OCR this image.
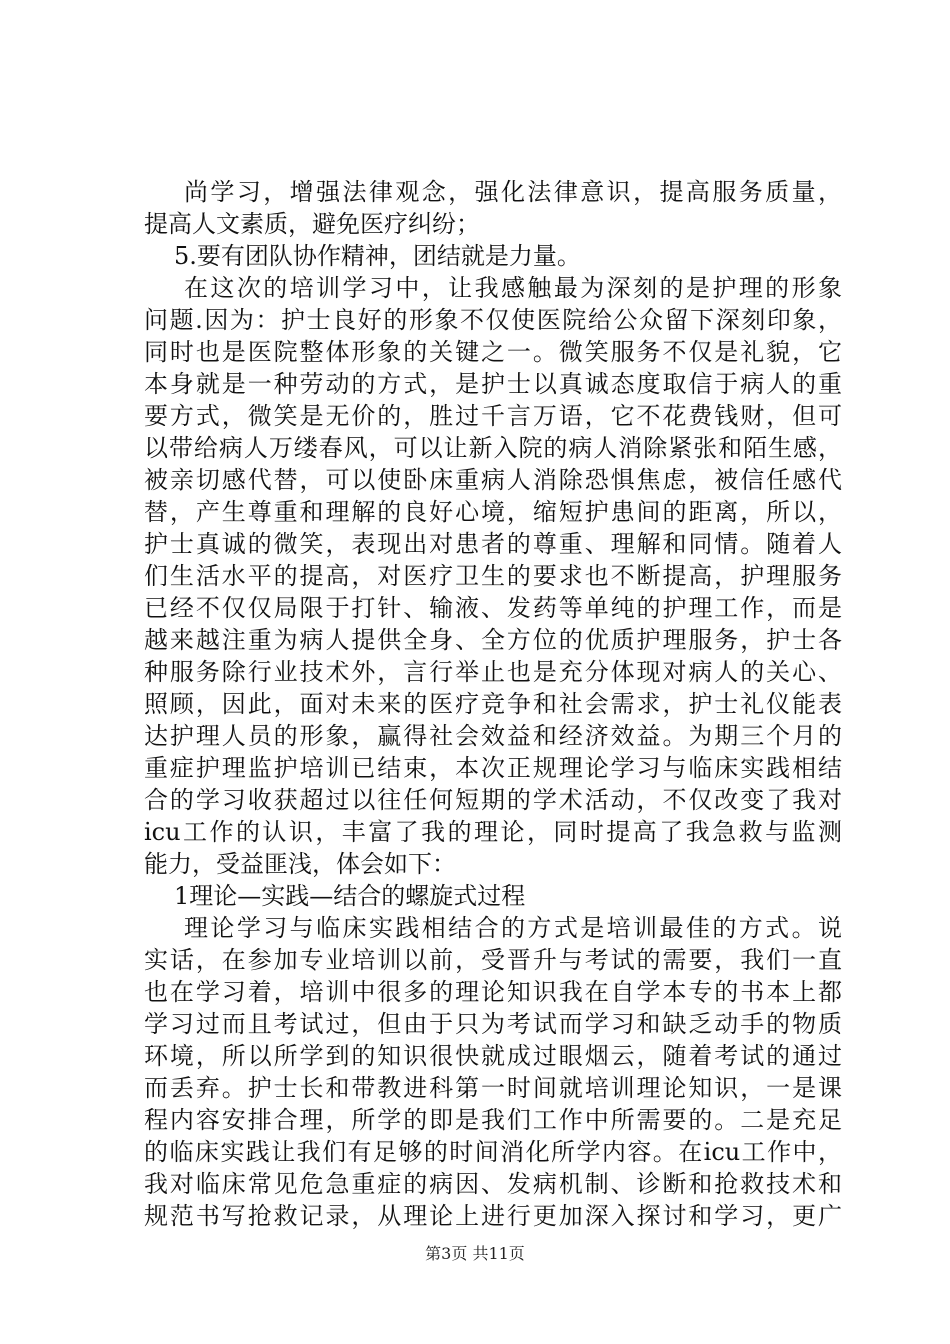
尚学习，增强法律观念，强化法律意识，提高服务质量，
提高人文素质，避免医疗纠纷；
5.要有团队协作精神，团结就是力量。
在这次的培训学习中，让我感触最为深刻的是护理的形象
问题.因为：护士良好的形象不仅使医院给公众留下深刻印象，
同时也是医院整体形象的关键之一。微笑服务不仅是礼貌，它
本身就是一种劳动的方式，是护士以真诚态度取信于病人的重
要方式，微笑是无价的，胜过千言万语，它不花费钱财，但可
以带给病人万缕春风，可以让新入院的病人消除紧张和陌生感，
被亲切感代替，可以使卧床重病人消除恐惧焦虑，被信任感代
替，产生尊重和理解的良好心境，缩短护患间的距离，所以，
护士真诚的微笑，表现出对患者的尊重、理解和同情。随着人
们生活水平的提高，对医疗卫生的要求也不断提高，护理服务
已经不仅仅局限于打针、输液、发药等单纯的护理工作，而是
越来越注重为病人提供全身、全方位的优质护理服务，护士各
种服务除行业技术外，言行举止也是充分体现对病人的关心、
照顾，因此，面对未来的医疗竞争和社会需求，护士礼仪能表
达护理人员的形象，赢得社会效益和经济效益。为期三个月的
重症护理监护培训已结束，本次正规理论学习与临床实践相结
合的学习收获超过以往任何短期的学术活动，不仅改变了我对
icu工作的认识，丰富了我的理论，同时提高了我急救与监测
能力，受益匪浅，体会如下：
1理论—实践—结合的螺旋式过程
理论学习与临床实践相结合的方式是培训最佳的方式。说
实话，在参加专业培训以前，受晋升与考试的需要，我们一直
也在学习着，培训中很多的理论知识我在自学本专的书本上都
学习过而且考试过，但由于只为考试而学习和缺乏动手的物质
环境，所以所学到的知识很快就成过眼烟云，随着考试的通过
而丢弃。护士长和带教进科第一时间就培训理论知识，一是课
程内容安排合理，所学的即是我们工作中所需要的。二是充足
的临床实践让我们有足够的时间消化所学内容。在icu工作中，
我对临床常见危急重症的病因、发病机制、诊断和抢救技术和
规范书写抢救记录，从理论上进行更加深入探讨和学习，更广
第3页 共11页
